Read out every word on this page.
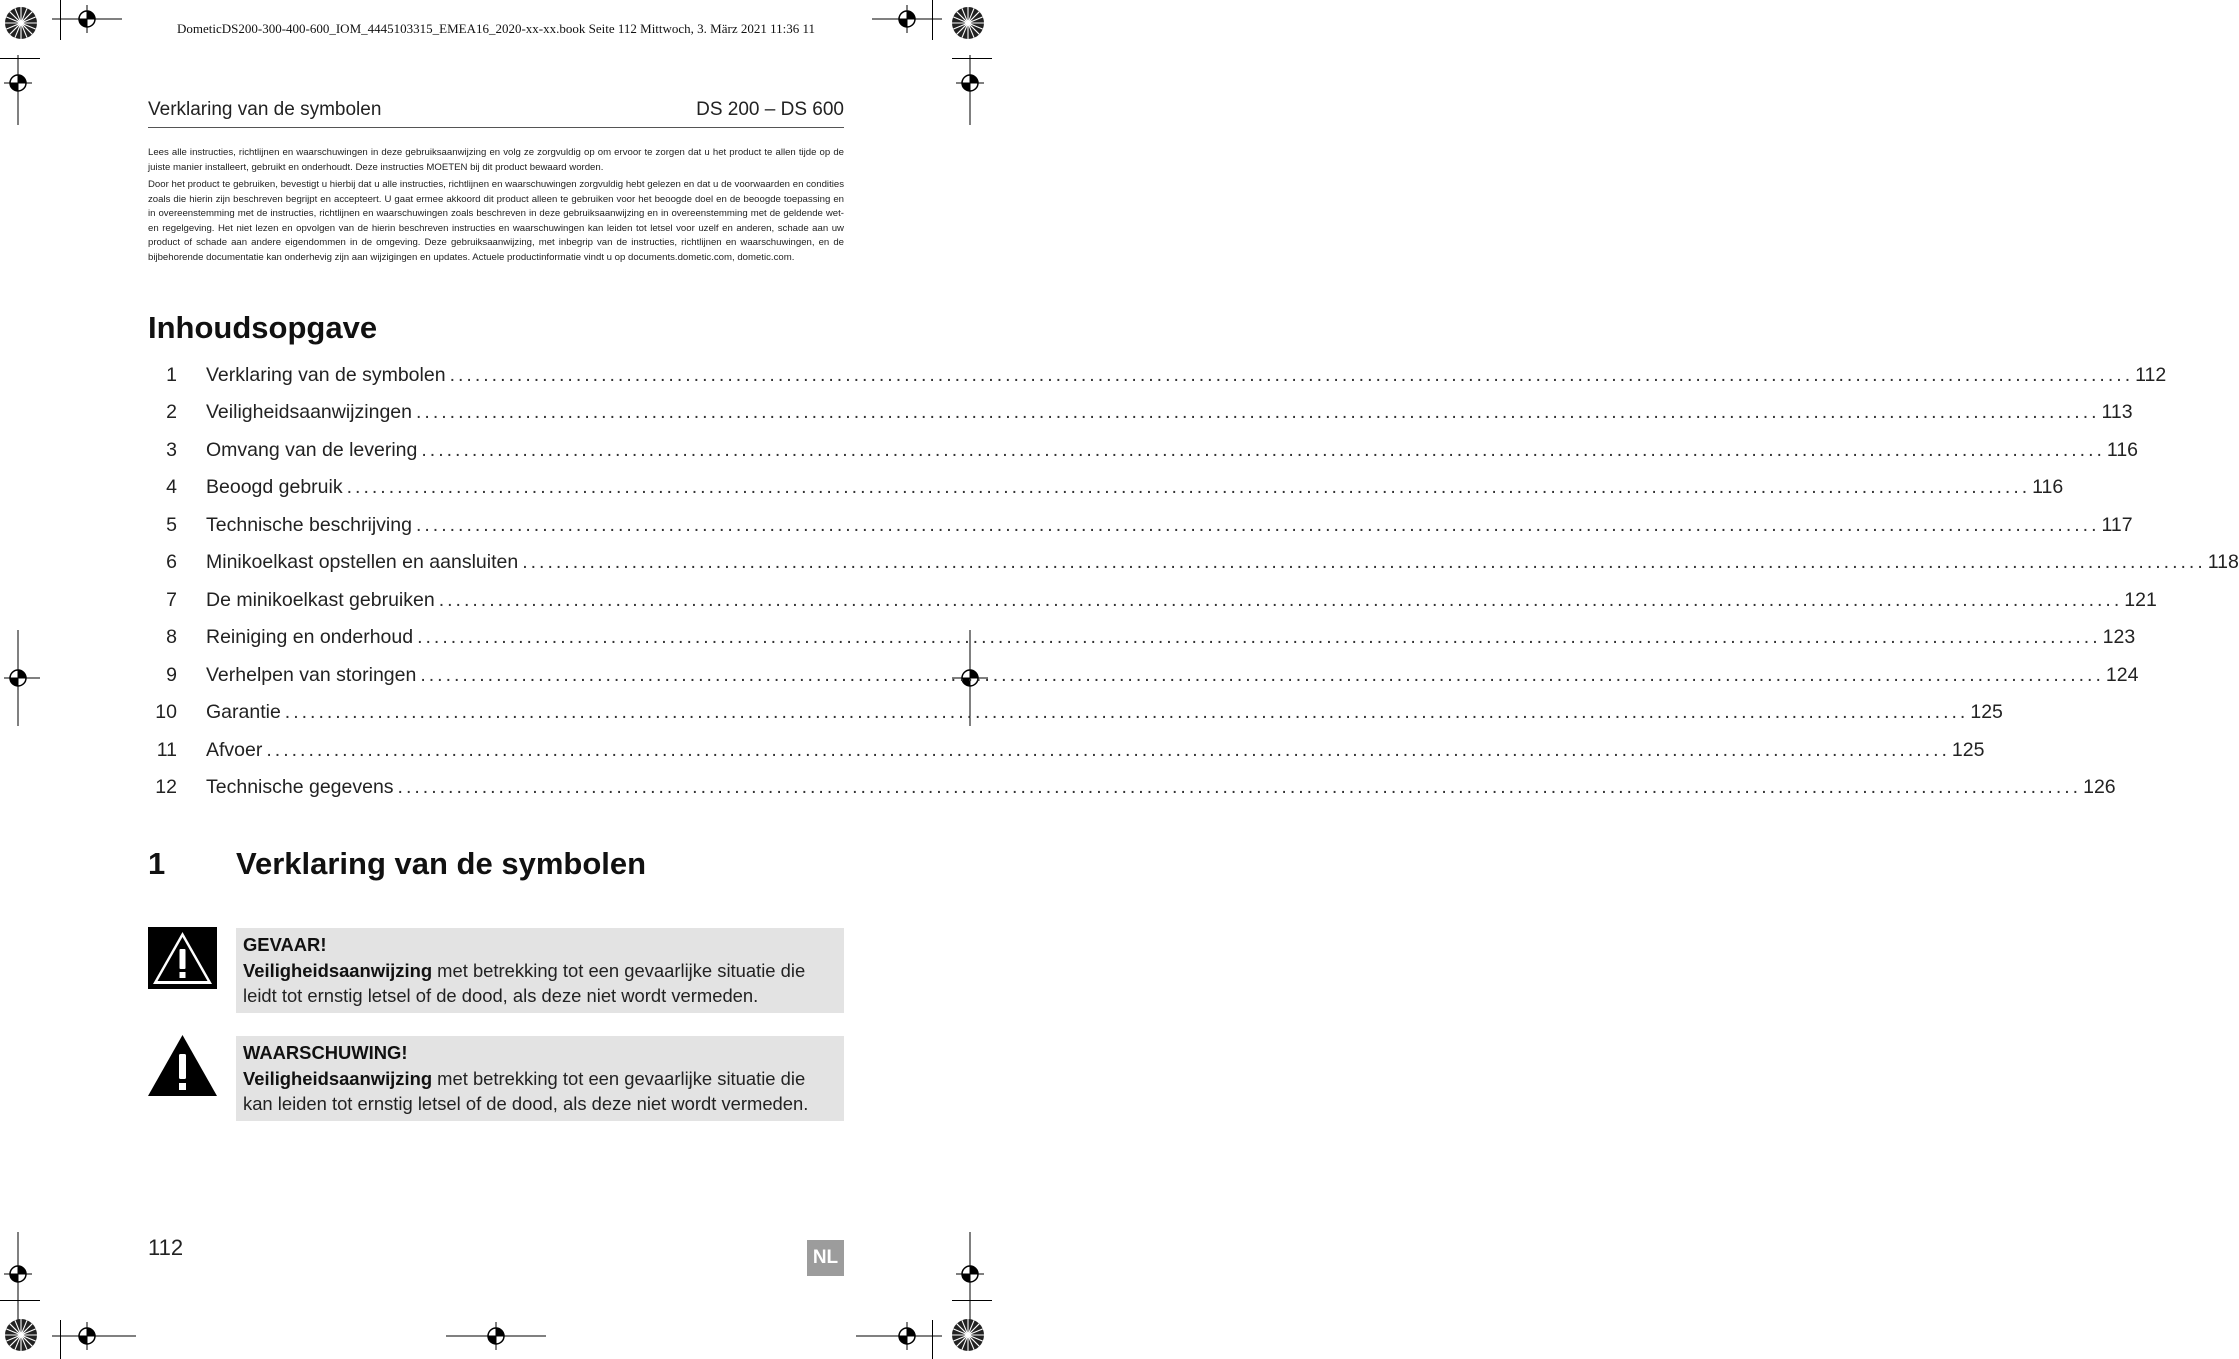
DometicDS200-300-400-600_IOM_4445103315_EMEA16_2020-xx-xx.book Seite 112 Mittwoch, 3. März 2021 11:36 11
Verklaring van de symbolen	DS 200 – DS 600
Lees alle instructies, richtlijnen en waarschuwingen in deze gebruiksaanwijzing en volg ze zorgvuldig op om ervoor te zorgen dat u het product te allen tijde op de juiste manier installeert, gebruikt en onderhoudt. Deze instructies MOETEN bij dit product bewaard worden.
Door het product te gebruiken, bevestigt u hierbij dat u alle instructies, richtlijnen en waarschuwingen zorgvuldig hebt gelezen en dat u de voorwaarden en condities zoals die hierin zijn beschreven begrijpt en accepteert. U gaat ermee akkoord dit product alleen te gebruiken voor het beoogde doel en de beoogde toepassing en in overeenstemming met de instructies, richtlijnen en waarschuwingen zoals beschreven in deze gebruiksaanwijzing en in overeenstemming met de geldende wet- en regelgeving. Het niet lezen en opvolgen van de hierin beschreven instructies en waarschuwingen kan leiden tot letsel voor uzelf en anderen, schade aan uw product of schade aan andere eigendommen in de omgeving. Deze gebruiksaanwijzing, met inbegrip van de instructies, richtlijnen en waarschuwingen, en de bijbehorende documentatie kan onderhevig zijn aan wijzigingen en updates. Actuele productinformatie vindt u op documents.dometic.com, dometic.com.
Inhoudsopgave
1 Verklaring van de symbolen ........................................................................................................................................................................................................ 112
2 Veiligheidsaanwijzingen ........................................................................................................................................................................................................ 113
3 Omvang van de levering ........................................................................................................................................................................................................ 116
4 Beoogd gebruik ........................................................................................................................................................................................................ 116
5 Technische beschrijving ........................................................................................................................................................................................................ 117
6 Minikoelkast opstellen en aansluiten ........................................................................................................................................................................................................ 118
7 De minikoelkast gebruiken ........................................................................................................................................................................................................ 121
8 Reiniging en onderhoud ........................................................................................................................................................................................................ 123
9 Verhelpen van storingen ........................................................................................................................................................................................................ 124
10 Garantie ........................................................................................................................................................................................................ 125
11 Afvoer ........................................................................................................................................................................................................ 125
12 Technische gegevens ........................................................................................................................................................................................................ 126
1 Verklaring van de symbolen
GEVAAR!
Veiligheidsaanwijzing met betrekking tot een gevaarlijke situatie die leidt tot ernstig letsel of de dood, als deze niet wordt vermeden.
WAARSCHUWING!
Veiligheidsaanwijzing met betrekking tot een gevaarlijke situatie die kan leiden tot ernstig letsel of de dood, als deze niet wordt vermeden.
112	NL
